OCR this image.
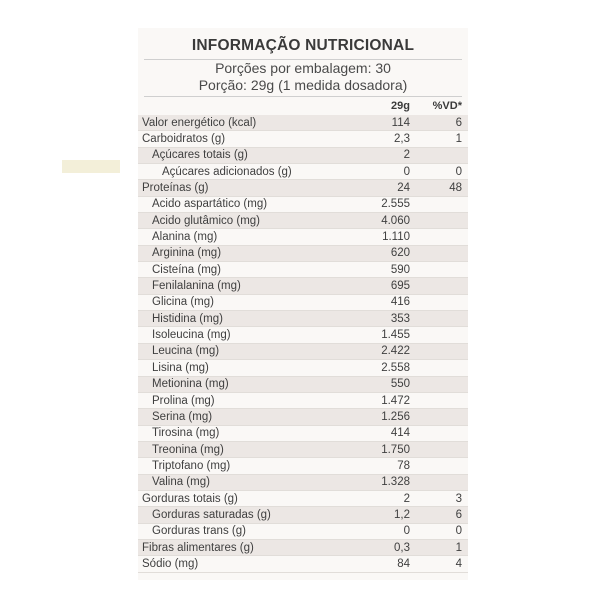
INFORMAÇÃO NUTRICIONAL
Porções por embalagem: 30
Porção: 29g (1 medida dosadora)
29g	%VD*
Valor energético (kcal)	114	6
Carboidratos (g)	2,3	1
Açúcares totais (g)	2
Açúcares adicionados (g)	0	0
Proteínas (g)	24	48
Ácido aspartático (mg)	2.555
Ácido glutâmico (mg)	4.060
Alanina (mg)	1.110
Arginina (mg)	620
Cisteína (mg)	590
Fenilalanina (mg)	695
Glicina (mg)	416
Histidina (mg)	353
Isoleucina (mg)	1.455
Leucina (mg)	2.422
Lisina (mg)	2.558
Metionina (mg)	550
Prolina (mg)	1.472
Serina (mg)	1.256
Tirosina (mg)	414
Treonina (mg)	1.750
Triptofano (mg)	78
Valina (mg)	1.328
Gorduras totais (g)	2	3
Gorduras saturadas (g)	1,2	6
Gorduras trans (g)	0	0
Fibras alimentares (g)	0,3	1
Sódio (mg)	84	4
